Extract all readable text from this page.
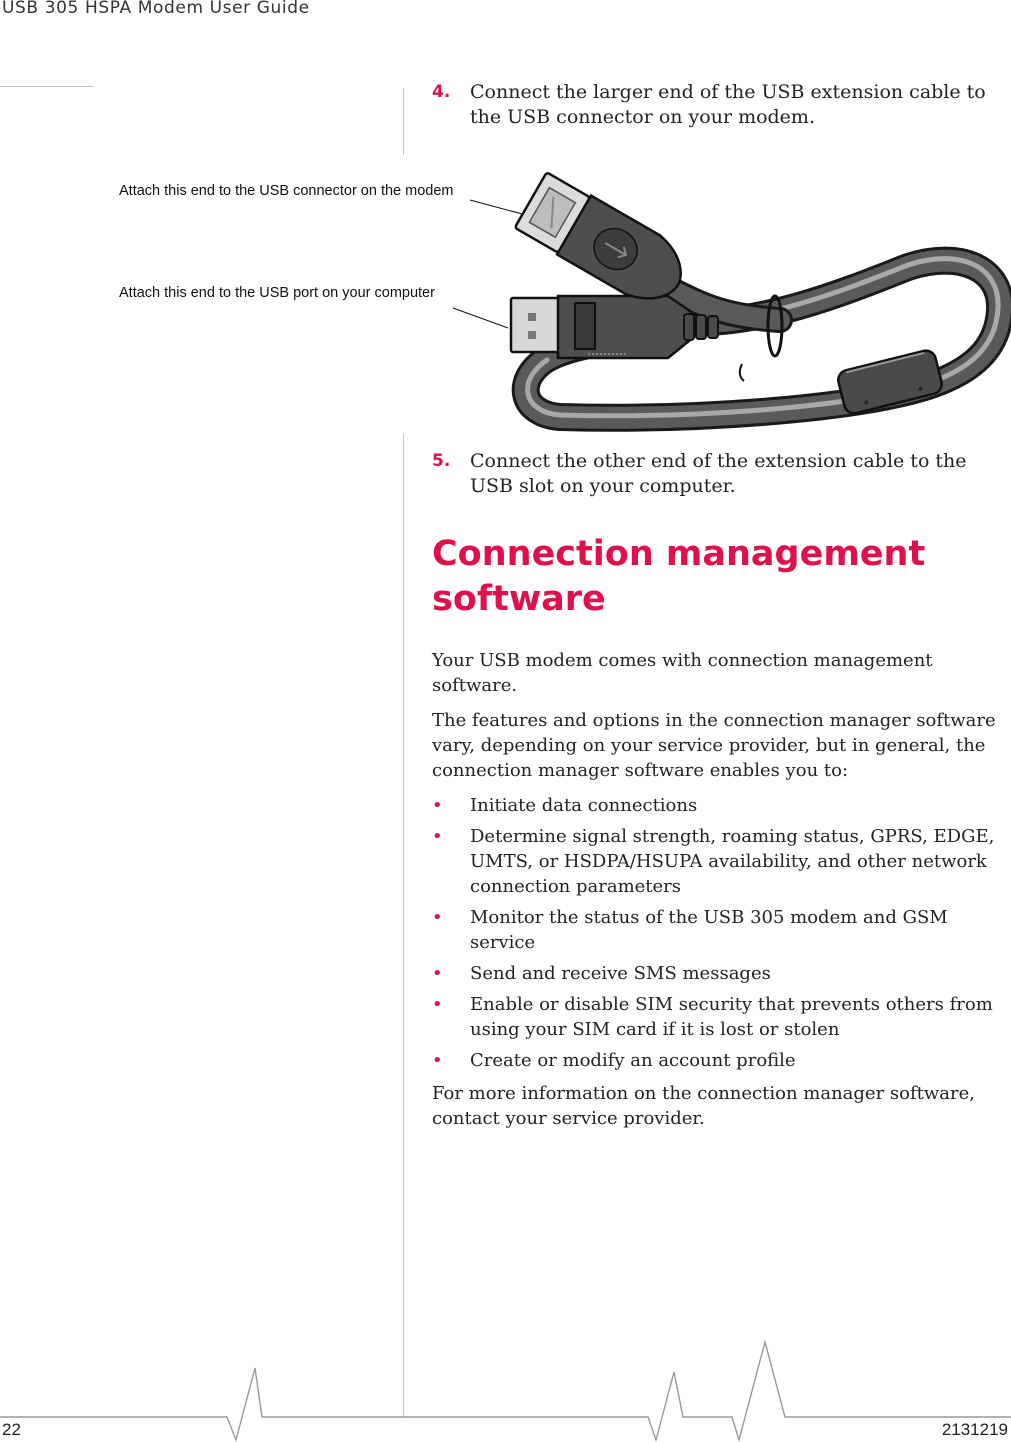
USB 305 HSPA Modem User Guide
4. Connect the larger end of the USB extension cable to the USB connector on your modem.
Attach this end to the USB connector on the modem
Attach this end to the USB port on your computer
5. Connect the other end of the extension cable to the USB slot on your computer.
Connection management software

Your USB modem comes with connection management software.

The features and options in the connection manager software vary, depending on your service provider, but in general, the connection manager software enables you to:

• Initiate data connections
• Determine signal strength, roaming status, GPRS, EDGE, UMTS, or HSDPA/HSUPA availability, and other network connection parameters
• Monitor the status of the USB 305 modem and GSM service
• Send and receive SMS messages
• Enable or disable SIM security that prevents others from using your SIM card if it is lost or stolen
• Create or modify an account profile

For more information on the connection manager software, contact your service provider.

22	2131219
